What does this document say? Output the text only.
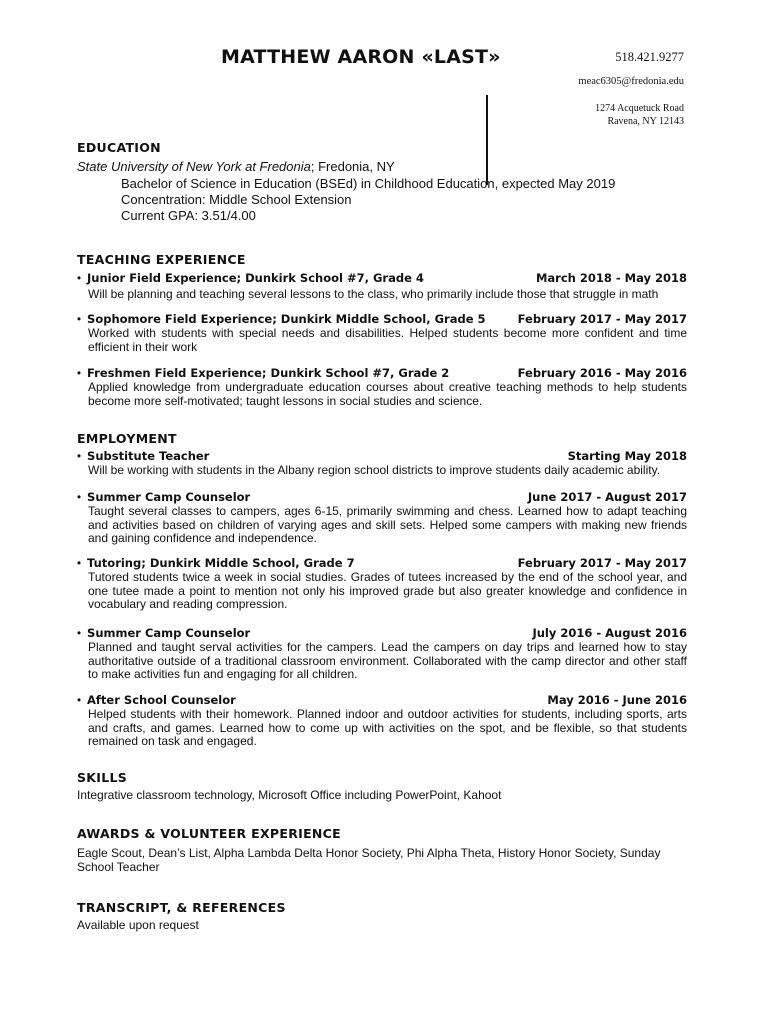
MATTHEW AARON «LAST»	518.421.9277
meac6305@fredonia.edu
1274 Acquetuck Road
Ravena, NY 12143
EDUCATION
State University of New York at Fredonia; Fredonia, NY
Bachelor of Science in Education (BSEd) in Childhood Education, expected May 2019
Concentration: Middle School Extension
Current GPA: 3.51/4.00
TEACHING EXPERIENCE
• Junior Field Experience; Dunkirk School #7, Grade 4	March 2018 - May 2018
Will be planning and teaching several lessons to the class, who primarily include those that struggle in math
• Sophomore Field Experience; Dunkirk Middle School, Grade 5	February 2017 - May 2017
Worked with students with special needs and disabilities. Helped students become more confident and time efficient in their work
• Freshmen Field Experience; Dunkirk School #7, Grade 2	February 2016 - May 2016
Applied knowledge from undergraduate education courses about creative teaching methods to help students become more self-motivated; taught lessons in social studies and science.
EMPLOYMENT
• Substitute Teacher	Starting May 2018
Will be working with students in the Albany region school districts to improve students daily academic ability.
• Summer Camp Counselor	June 2017 - August 2017
Taught several classes to campers, ages 6-15, primarily swimming and chess. Learned how to adapt teaching and activities based on children of varying ages and skill sets. Helped some campers with making new friends and gaining confidence and independence.
• Tutoring; Dunkirk Middle School, Grade 7	February 2017 - May 2017
Tutored students twice a week in social studies. Grades of tutees increased by the end of the school year, and one tutee made a point to mention not only his improved grade but also greater knowledge and confidence in vocabulary and reading compression.
• Summer Camp Counselor	July 2016 - August 2016
Planned and taught serval activities for the campers. Lead the campers on day trips and learned how to stay authoritative outside of a traditional classroom environment. Collaborated with the camp director and other staff to make activities fun and engaging for all children.
• After School Counselor	May 2016 - June 2016
Helped students with their homework. Planned indoor and outdoor activities for students, including sports, arts and crafts, and games. Learned how to come up with activities on the spot, and be flexible, so that students remained on task and engaged.
SKILLS
Integrative classroom technology, Microsoft Office including PowerPoint, Kahoot
AWARDS & VOLUNTEER EXPERIENCE
Eagle Scout, Dean’s List, Alpha Lambda Delta Honor Society, Phi Alpha Theta, History Honor Society, Sunday School Teacher
TRANSCRIPT, & REFERENCES
Available upon request
